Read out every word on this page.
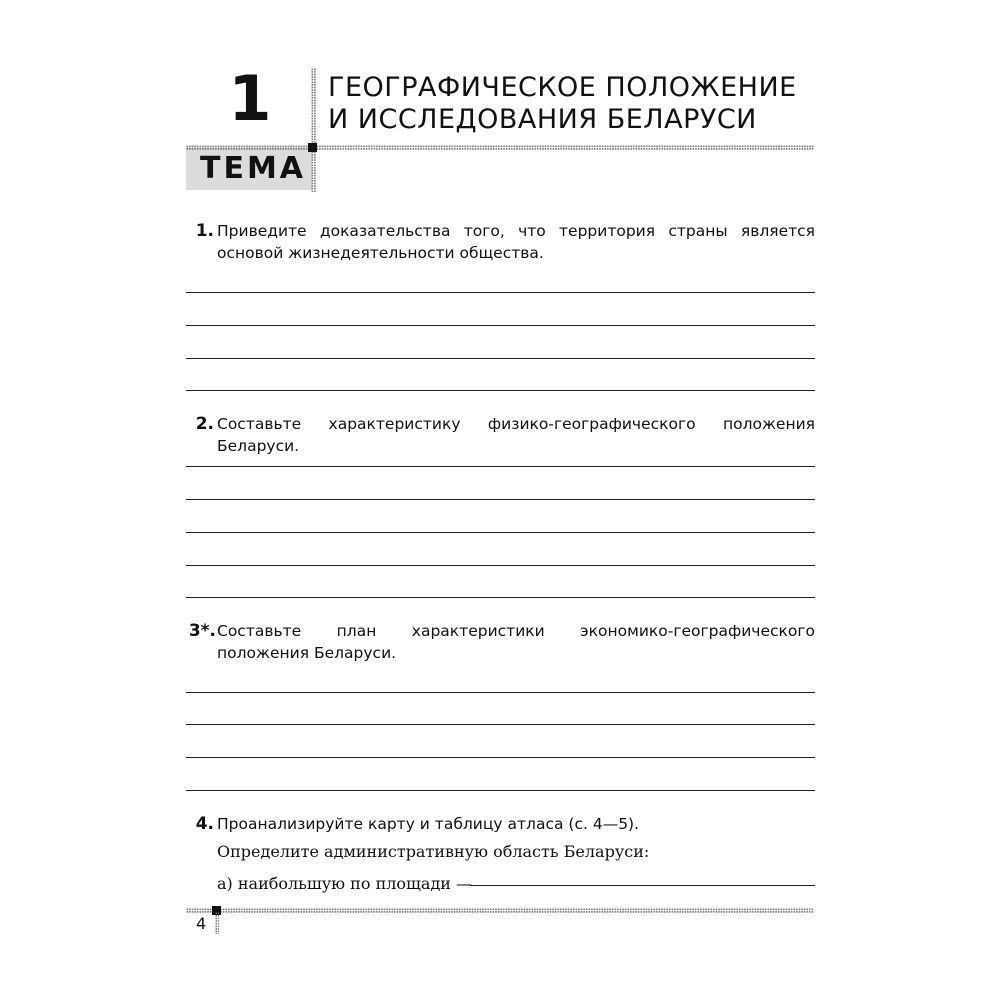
1
ТЕМА
ГЕОГРАФИЧЕСКОЕ ПОЛОЖЕНИЕ
И ИССЛЕДОВАНИЯ БЕЛАРУСИ
1. Приведите доказательства того, что территория страны является основой жизнедеятельности общества.
2. Составьте характеристику физико-географического положения Беларуси.
3*. Составьте план характеристики экономико-географического положения Беларуси.
4. Проанализируйте карту и таблицу атласа (с. 4—5).
Определите административную область Беларуси:
а) наибольшую по площади —
4
